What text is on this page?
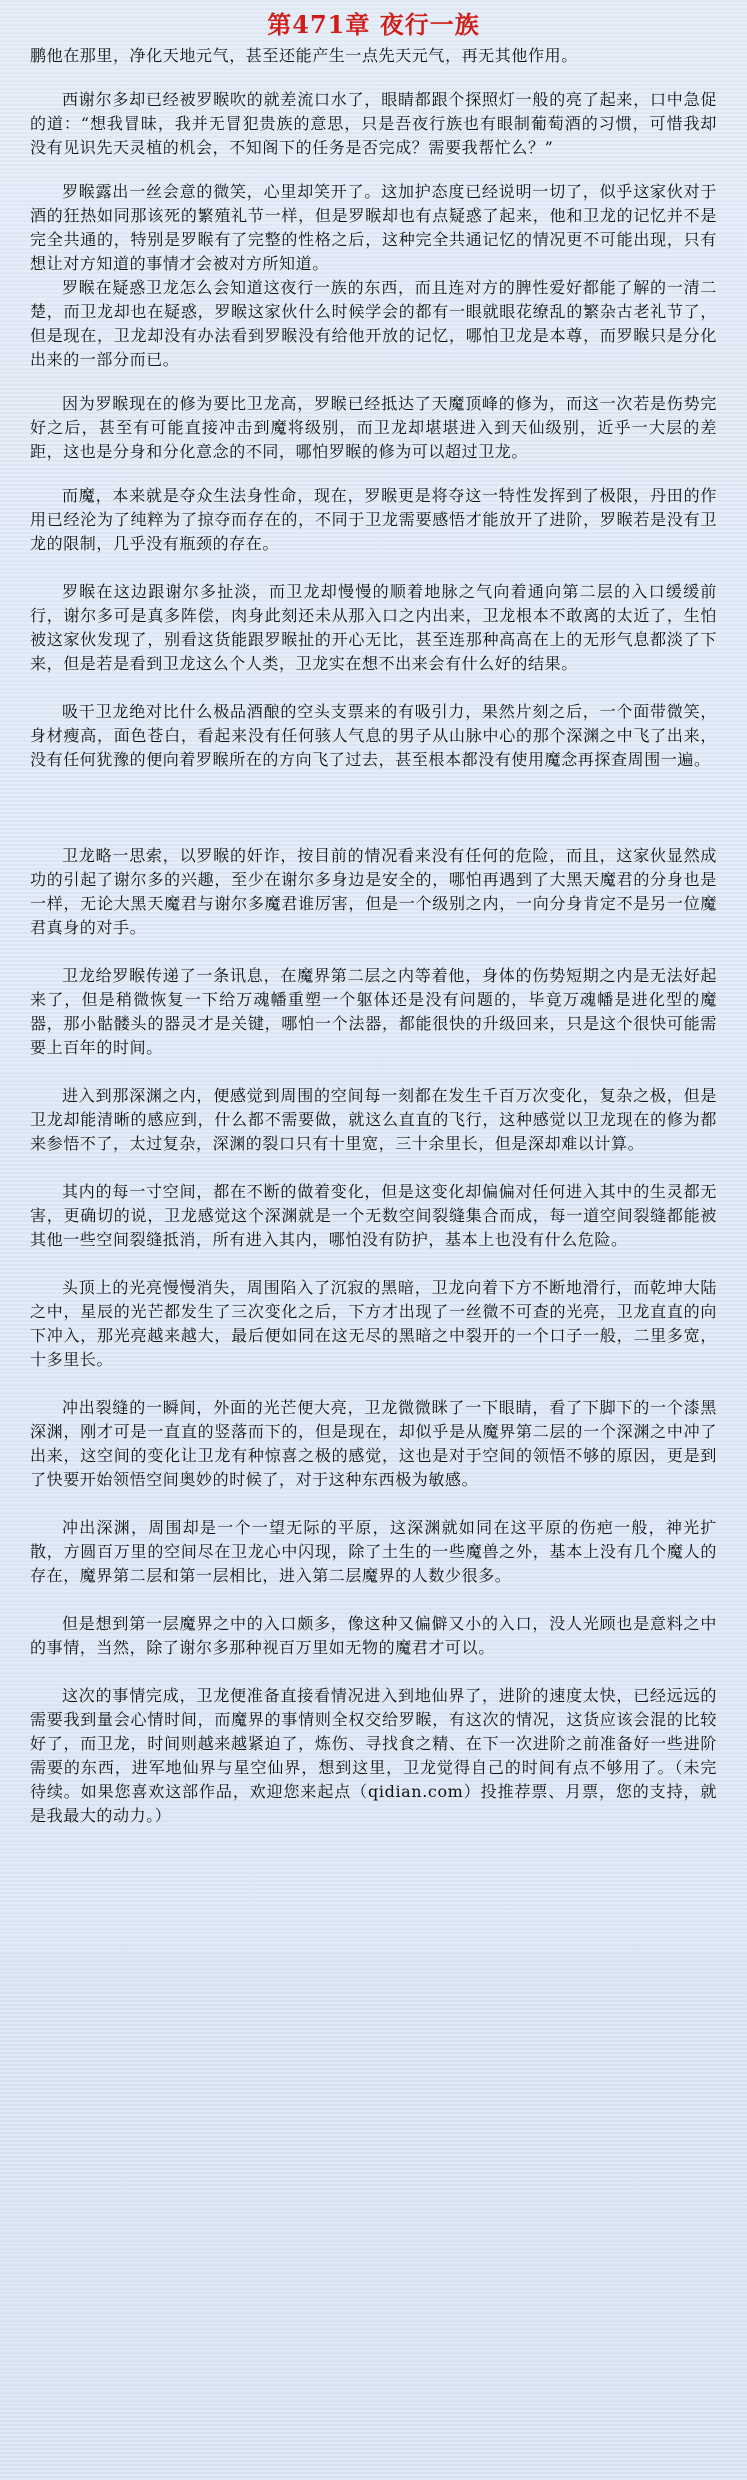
第471章 夜行一族

鹏他在那里，净化天地元气，甚至还能产生一点先天元气，再无其他作用。

西谢尔多却已经被罗睺吹的就差流口水了，眼睛都跟个探照灯一般的亮了起来，口中急促的道：“想我冒昧，我并无冒犯贵族的意思，只是吾夜行族也有眼制葡萄酒的习惯，可惜我却没有见识先天灵植的机会，不知阁下的任务是否完成？需要我帮忙么？”

罗睺露出一丝会意的微笑，心里却笑开了。这加护态度已经说明一切了，似乎这家伙对于酒的狂热如同那该死的繁殖礼节一样，但是罗睺却也有点疑惑了起来，他和卫龙的记忆并不是完全共通的，特别是罗睺有了完整的性格之后，这种完全共通记忆的情况更不可能出现，只有想让对方知道的事情才会被对方所知道。

罗睺在疑惑卫龙怎么会知道这夜行一族的东西，而且连对方的脾性爱好都能了解的一清二楚，而卫龙却也在疑惑，罗睺这家伙什么时候学会的都有一眼就眼花缭乱的繁杂古老礼节了，但是现在，卫龙却没有办法看到罗睺没有给他开放的记忆，哪怕卫龙是本尊，而罗睺只是分化出来的一部分而已。

因为罗睺现在的修为要比卫龙高，罗睺已经抵达了天魔顶峰的修为，而这一次若是伤势完好之后，甚至有可能直接冲击到魔将级别，而卫龙却堪堪进入到天仙级别，近乎一大层的差距，这也是分身和分化意念的不同，哪怕罗睺的修为可以超过卫龙。

而魔，本来就是夺众生法身性命，现在，罗睺更是将夺这一特性发挥到了极限，丹田的作用已经沦为了纯粹为了掠夺而存在的，不同于卫龙需要感悟才能放开了进阶，罗睺若是没有卫龙的限制，几乎没有瓶颈的存在。

罗睺在这边跟谢尔多扯淡，而卫龙却慢慢的顺着地脉之气向着通向第二层的入口缓缓前行，谢尔多可是真多阵偿，肉身此刻还未从那入口之内出来，卫龙根本不敢离的太近了，生怕被这家伙发现了，别看这货能跟罗睺扯的开心无比，甚至连那种高高在上的无形气息都淡了下来，但是若是看到卫龙这么个人类，卫龙实在想不出来会有什么好的结果。

吸干卫龙绝对比什么极品酒酿的空头支票来的有吸引力，果然片刻之后，一个面带微笑，身材瘦高，面色苍白，看起来没有任何骇人气息的男子从山脉中心的那个深渊之中飞了出来，没有任何犹豫的便向着罗睺所在的方向飞了过去，甚至根本都没有使用魔念再探查周围一遍。

卫龙略一思索，以罗睺的奸诈，按目前的情况看来没有任何的危险，而且，这家伙显然成功的引起了谢尔多的兴趣，至少在谢尔多身边是安全的，哪怕再遇到了大黑天魔君的分身也是一样，无论大黑天魔君与谢尔多魔君谁厉害，但是一个级别之内，一向分身肯定不是另一位魔君真身的对手。

卫龙给罗睺传递了一条讯息，在魔界第二层之内等着他，身体的伤势短期之内是无法好起来了，但是稍微恢复一下给万魂幡重塑一个躯体还是没有问题的，毕竟万魂幡是进化型的魔器，那小骷髅头的器灵才是关键，哪怕一个法器，都能很快的升级回来，只是这个很快可能需要上百年的时间。

进入到那深渊之内，便感觉到周围的空间每一刻都在发生千百万次变化，复杂之极，但是卫龙却能清晰的感应到，什么都不需要做，就这么直直的飞行，这种感觉以卫龙现在的修为都来参悟不了，太过复杂，深渊的裂口只有十里宽，三十余里长，但是深却难以计算。

其内的每一寸空间，都在不断的做着变化，但是这变化却偏偏对任何进入其中的生灵都无害，更确切的说，卫龙感觉这个深渊就是一个无数空间裂缝集合而成，每一道空间裂缝都能被其他一些空间裂缝抵消，所有进入其内，哪怕没有防护，基本上也没有什么危险。

头顶上的光亮慢慢消失，周围陷入了沉寂的黑暗，卫龙向着下方不断地滑行，而乾坤大陆之中，星辰的光芒都发生了三次变化之后，下方才出现了一丝微不可查的光亮，卫龙直直的向下冲入，那光亮越来越大，最后便如同在这无尽的黑暗之中裂开的一个口子一般，二里多宽，十多里长。

冲出裂缝的一瞬间，外面的光芒便大亮，卫龙微微眯了一下眼睛，看了下脚下的一个漆黑深渊，刚才可是一直直的竖落而下的，但是现在，却似乎是从魔界第二层的一个深渊之中冲了出来，这空间的变化让卫龙有种惊喜之极的感觉，这也是对于空间的领悟不够的原因，更是到了快要开始领悟空间奥妙的时候了，对于这种东西极为敏感。

冲出深渊，周围却是一个一望无际的平原，这深渊就如同在这平原的伤疤一般，神光扩散，方圆百万里的空间尽在卫龙心中闪现，除了土生的一些魔兽之外，基本上没有几个魔人的存在，魔界第二层和第一层相比，进入第二层魔界的人数少很多。

但是想到第一层魔界之中的入口颇多，像这种又偏僻又小的入口，没人光顾也是意料之中的事情，当然，除了谢尔多那种视百万里如无物的魔君才可以。

这次的事情完成，卫龙便准备直接看情况进入到地仙界了，进阶的速度太快，已经远远的需要我到量会心情时间，而魔界的事情则全权交给罗睺，有这次的情况，这货应该会混的比较好了，而卫龙，时间则越来越紧迫了，炼伤、寻找食之精、在下一次进阶之前准备好一些进阶需要的东西，进军地仙界与星空仙界，想到这里，卫龙觉得自己的时间有点不够用了。（未完待续。如果您喜欢这部作品，欢迎您来起点（qidian.com）投推荐票、月票，您的支持，就是我最大的动力。）
